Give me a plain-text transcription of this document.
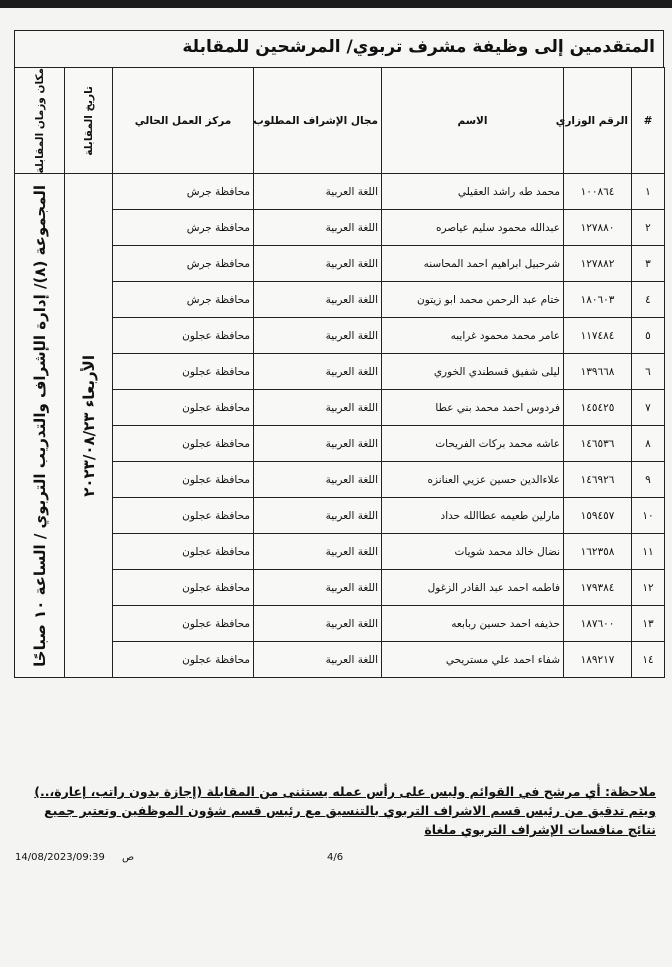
المتقدمين إلى وظيفة مشرف تربوي/ المرشحين للمقابلة
#	الرقم الوزاري	الاسم	مجال الإشراف المطلوب	مركز العمل الحالي	تاريخ المقابلة	مكان وزمان المقابلة

١	١٠٠٨٦٤	محمد طه راشد العقيلي	اللغة العربية	محافظة جرش	الأربعاء ٢٠٢٣/٠٨/٢٣	المجموعة (٨)/ إدارة الإشراف والتدريب التربوي / الساعة ١٠ صباحًا

٢	١٢٧٨٨٠	عبدالله محمود سليم عياصره	اللغة العربية	محافظة جرش		
٣	١٢٧٨٨٢	شرحبيل ابراهيم احمد المحاسنه	اللغة العربية	محافظة جرش		
٤	١٨٠٦٠٣	ختام عبد الرحمن محمد ابو زيتون	اللغة العربية	محافظة جرش		
٥	١١٧٤٨٤	عامر محمد محمود غرايبه	اللغة العربية	محافظة عجلون		
٦	١٣٩٦٦٨	ليلى شفيق قسطندي الخوري	اللغة العربية	محافظة عجلون		
٧	١٤٥٤٢٥	فردوس احمد محمد بني عطا	اللغة العربية	محافظة عجلون		
٨	١٤٦٥٣٦	عاشه محمد بركات الفريحات	اللغة العربية	محافظة عجلون		
٩	١٤٦٩٢٦	علاءالدين حسين عزيي العنانزه	اللغة العربية	محافظة عجلون		
١٠	١٥٩٤٥٧	مارلين طعيمه عطاالله حداد	اللغة العربية	محافظة عجلون		
١١	١٦٢٣٥٨	نضال خالد محمد شويات	اللغة العربية	محافظة عجلون		
١٢	١٧٩٣٨٤	فاطمه احمد عبد القادر الزغول	اللغة العربية	محافظة عجلون		
١٣	١٨٧٦٠٠	حذيفه احمد حسين ربابعه	اللغة العربية	محافظة عجلون		
١٤	١٨٩٢١٧	شفاء احمد علي مستريحي	اللغة العربية	محافظة عجلون		
ملاحظة: أي مرشح في القوائم وليس على رأس عمله يستثنى من المقابلة (إجازة بدون راتب، إعارة،..) ويتم تدقيق من رئيس قسم الاشراف التربوي بالتنسيق مع رئيس قسم شؤون الموظفين وتعتبر جميع نتائج منافسات الإشراف التربوي ملغاة
14/08/2023/09:39 ص	4/6
